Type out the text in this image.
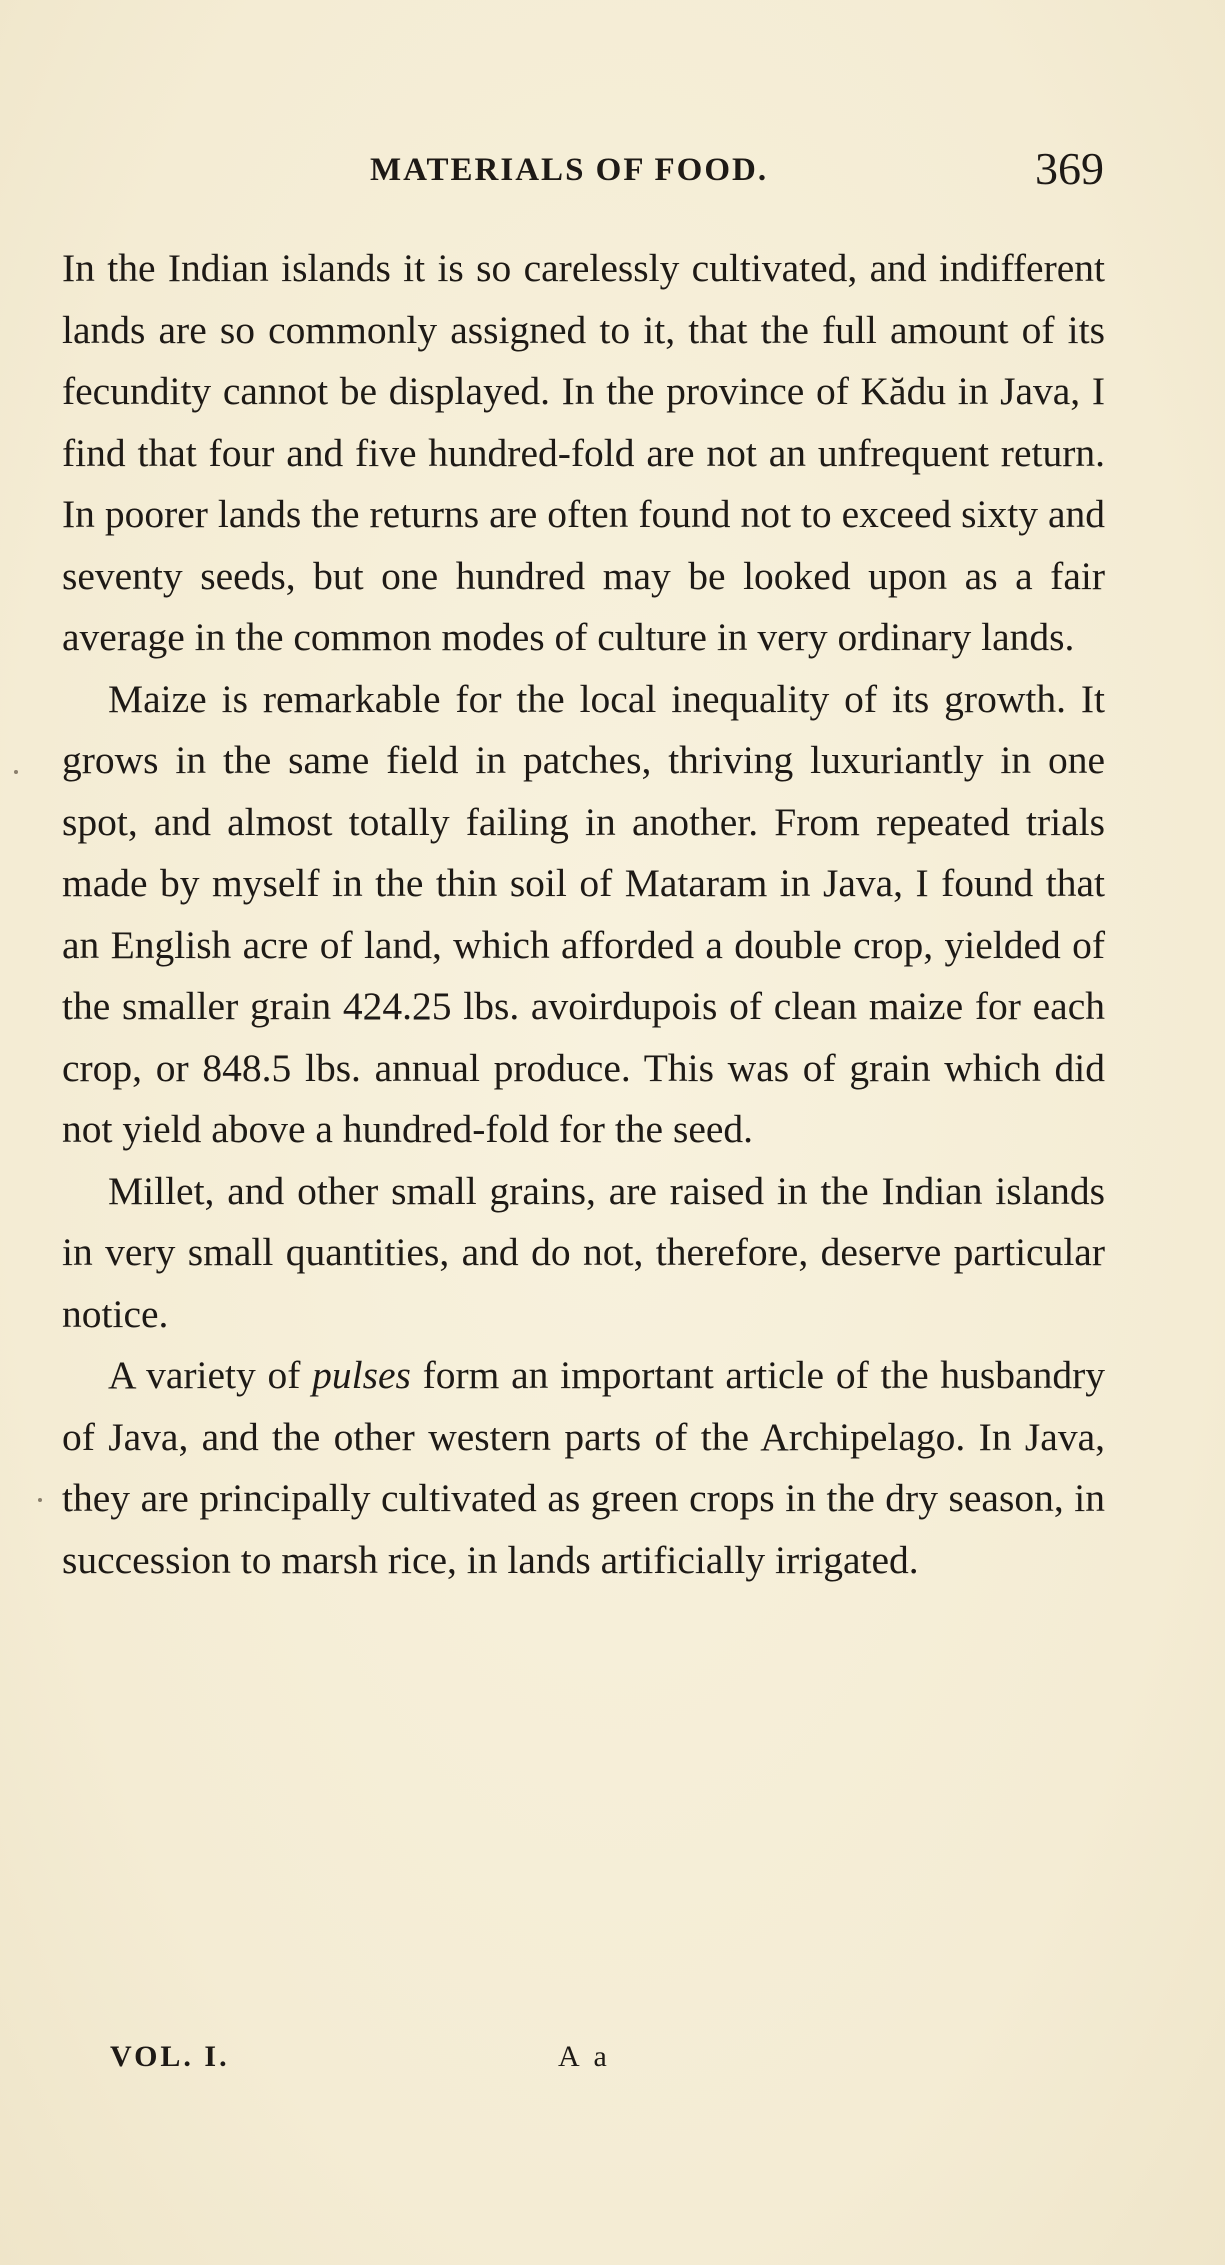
MATERIALS OF FOOD.	369

In the Indian islands it is so carelessly cultivated, and indifferent lands are so commonly assigned to it, that the full amount of its fecundity cannot be displayed. In the province of Kădu in Java, I find that four and five hundred-fold are not an unfrequent return. In poorer lands the returns are often found not to exceed sixty and seventy seeds, but one hundred may be looked upon as a fair average in the common modes of culture in very ordinary lands.

Maize is remarkable for the local inequality of its growth. It grows in the same field in patches, thriving luxuriantly in one spot, and almost totally failing in another. From repeated trials made by myself in the thin soil of Mataram in Java, I found that an English acre of land, which afforded a double crop, yielded of the smaller grain 424.25 lbs. avoirdupois of clean maize for each crop, or 848.5 lbs. annual produce. This was of grain which did not yield above a hundred-fold for the seed.

Millet, and other small grains, are raised in the Indian islands in very small quantities, and do not, therefore, deserve particular notice.

A variety of pulses form an important article of the husbandry of Java, and the other western parts of the Archipelago. In Java, they are principally cultivated as green crops in the dry season, in succession to marsh rice, in lands artificially irrigated.

VOL. I.	A a
